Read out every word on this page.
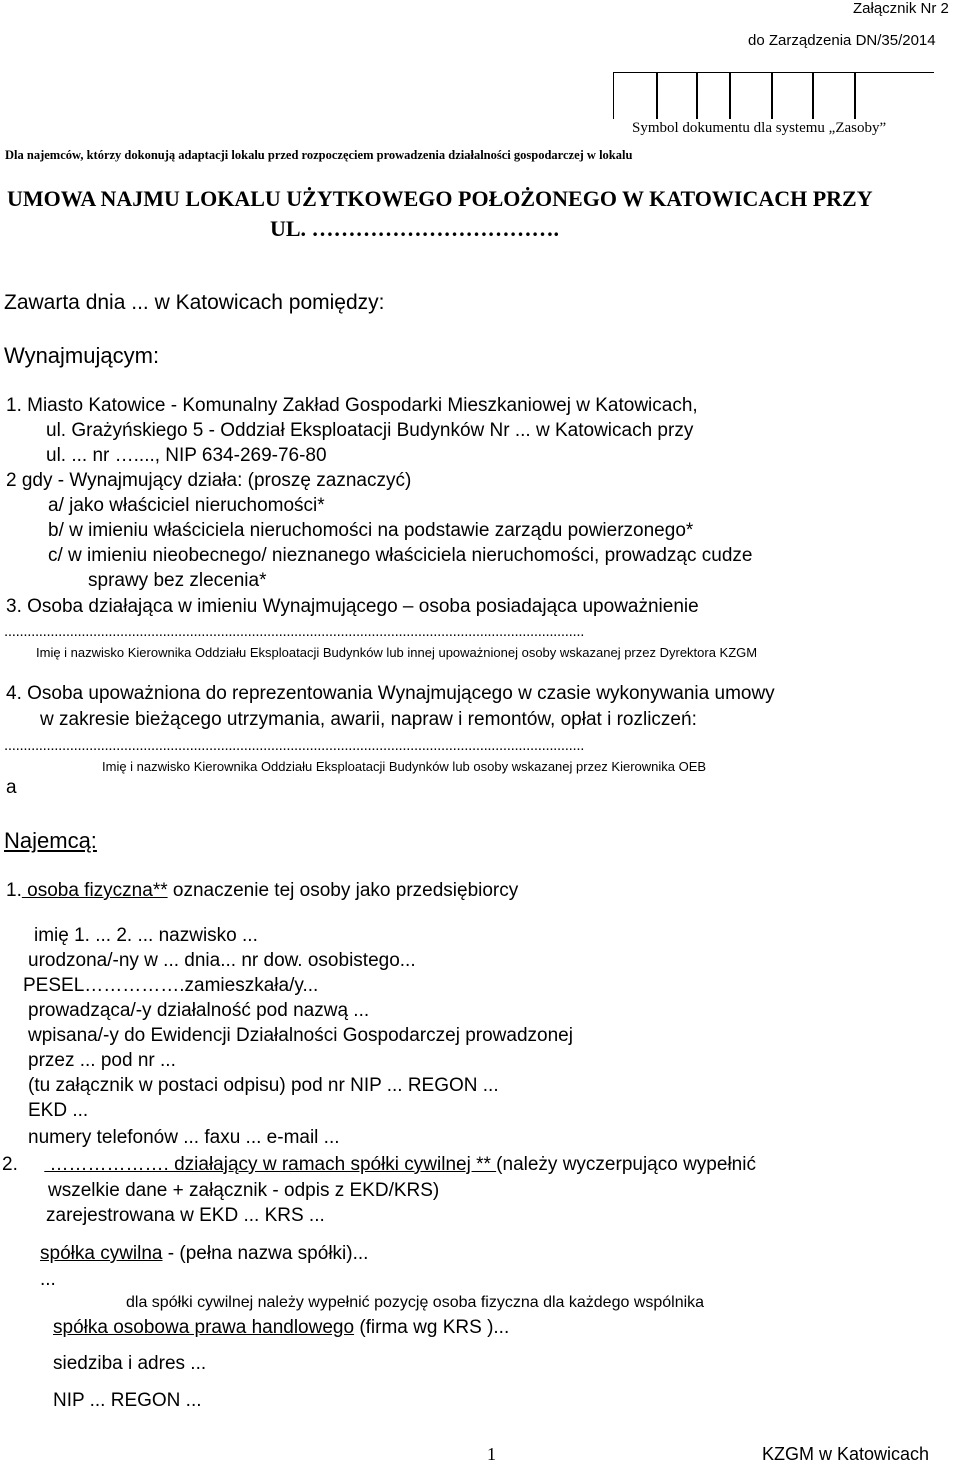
Załącznik Nr 2
do Zarządzenia DN/35/2014
Symbol dokumentu dla systemu „Zasoby”
Dla najemców, którzy dokonują adaptacji lokalu przed rozpoczęciem prowadzenia działalności gospodarczej w lokalu
UMOWA NAJMU LOKALU UŻYTKOWEGO POŁOŻONEGO W KATOWICACH PRZY
UL. …………………………….
Zawarta dnia ... w Katowicach pomiędzy:
Wynajmującym:
1. Miasto Katowice - Komunalny Zakład Gospodarki Mieszkaniowej w Katowicach,
ul. Grażyńskiego 5 - Oddział Eksploatacji Budynków Nr ... w Katowicach przy
ul. ... nr …...., NIP 634-269-76-80
2 gdy - Wynajmujący działa: (proszę zaznaczyć)
a/ jako właściciel nieruchomości*
b/ w imieniu właściciela nieruchomości na podstawie zarządu powierzonego*
c/ w imieniu nieobecnego/ nieznanego właściciela nieruchomości, prowadząc cudze
sprawy bez zlecenia*
3. Osoba działająca w imieniu Wynajmującego – osoba posiadająca upoważnienie
......................................................................................................................................................
Imię i nazwisko Kierownika Oddziału Eksploatacji Budynków lub innej upoważnionej osoby wskazanej przez Dyrektora KZGM
4. Osoba upoważniona do reprezentowania Wynajmującego w czasie wykonywania umowy
w zakresie bieżącego utrzymania, awarii, napraw i remontów, opłat i rozliczeń:
......................................................................................................................................................
Imię i nazwisko Kierownika Oddziału Eksploatacji Budynków lub osoby wskazanej przez Kierownika OEB
a
Najemcą:
1. osoba fizyczna** oznaczenie tej osoby jako przedsiębiorcy
imię 1. ... 2. ... nazwisko ...
urodzona/-ny w ... dnia... nr dow. osobistego...
PESEL…………….zamieszkała/y...
prowadząca/-y działalność pod nazwą ...
wpisana/-y do Ewidencji Działalności Gospodarczej prowadzonej
przez ... pod nr ...
(tu załącznik w postaci odpisu) pod nr NIP ... REGON ...
EKD ...
numery telefonów ... faxu ... e-mail ...
2.      ………………. działający w ramach spółki cywilnej ** (należy wyczerpująco wypełnić
wszelkie dane + załącznik - odpis z EKD/KRS)
zarejestrowana w EKD ... KRS ...
spółka cywilna - (pełna nazwa spółki)...
...
dla spółki cywilnej należy wypełnić pozycję osoba fizyczna dla każdego wspólnika
spółka osobowa prawa handlowego (firma wg KRS )...
siedziba i adres ...
NIP ... REGON ...
1	KZGM w Katowicach
